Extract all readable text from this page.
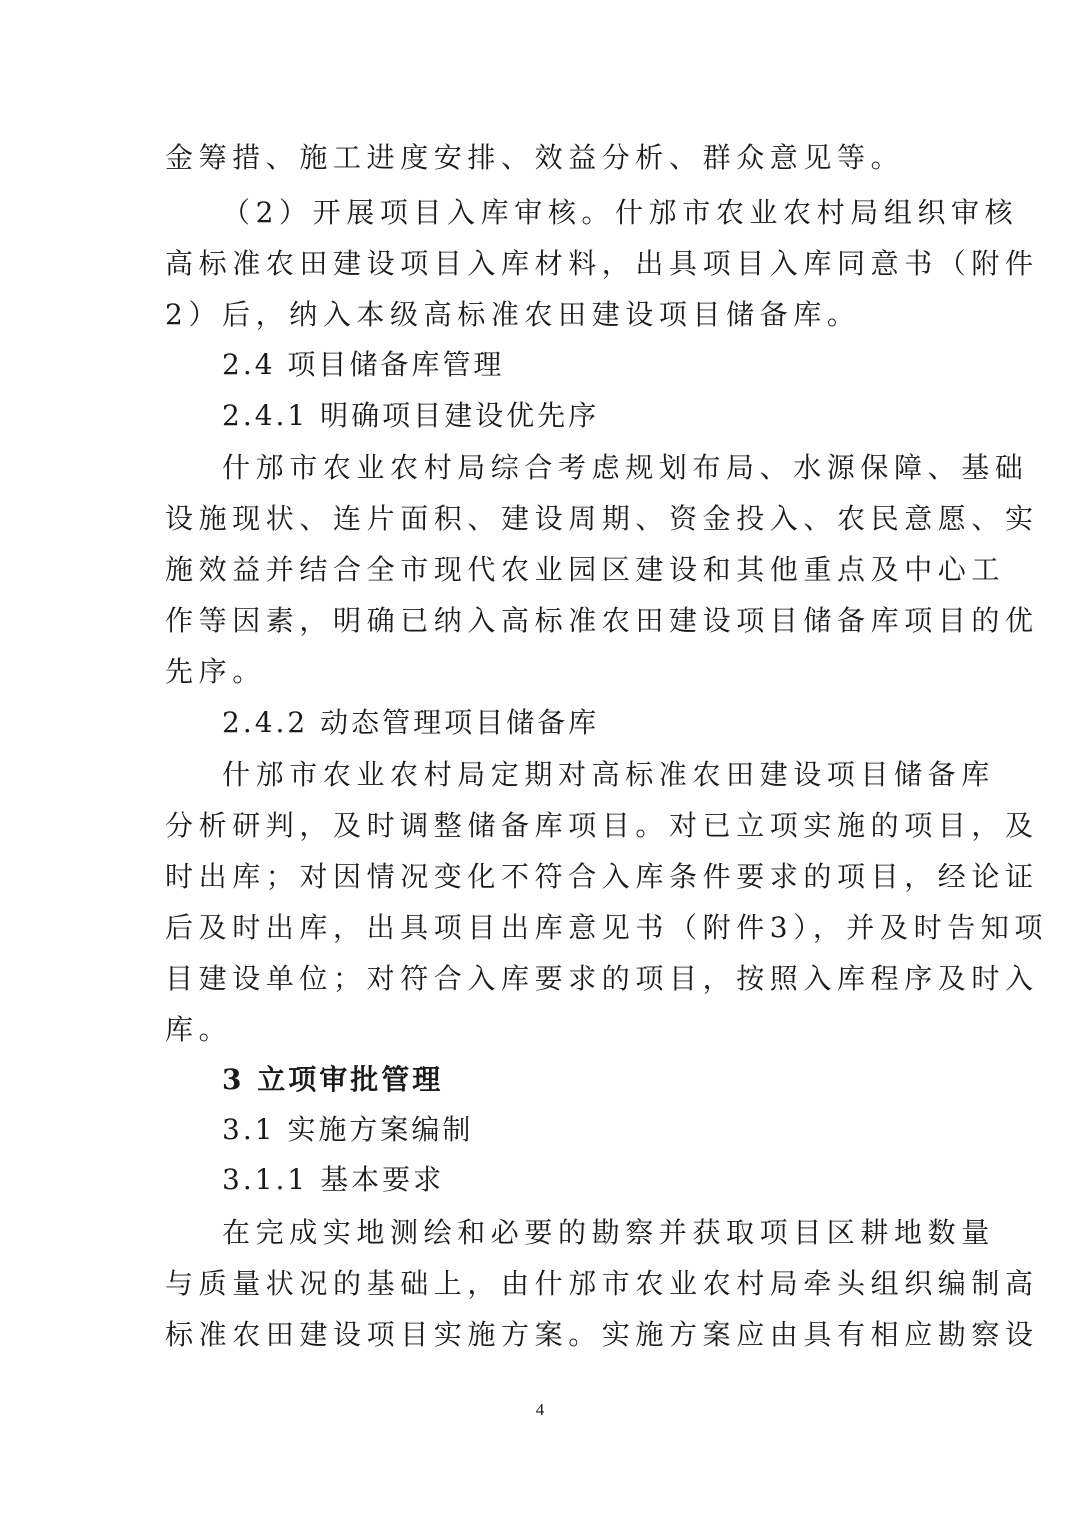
金筹措、施工进度安排、效益分析、群众意见等。
（2）开展项目入库审核。什邡市农业农村局组织审核
高标准农田建设项目入库材料，出具项目入库同意书（附件
2）后，纳入本级高标准农田建设项目储备库。
2.4 项目储备库管理
2.4.1 明确项目建设优先序
什邡市农业农村局综合考虑规划布局、水源保障、基础
设施现状、连片面积、建设周期、资金投入、农民意愿、实
施效益并结合全市现代农业园区建设和其他重点及中心工
作等因素，明确已纳入高标准农田建设项目储备库项目的优
先序。
2.4.2 动态管理项目储备库
什邡市农业农村局定期对高标准农田建设项目储备库
分析研判，及时调整储备库项目。对已立项实施的项目，及
时出库；对因情况变化不符合入库条件要求的项目，经论证
后及时出库，出具项目出库意见书（附件3），并及时告知项
目建设单位；对符合入库要求的项目，按照入库程序及时入
库。
3 立项审批管理
3.1 实施方案编制
3.1.1 基本要求
在完成实地测绘和必要的勘察并获取项目区耕地数量
与质量状况的基础上，由什邡市农业农村局牵头组织编制高
标准农田建设项目实施方案。实施方案应由具有相应勘察设
4
